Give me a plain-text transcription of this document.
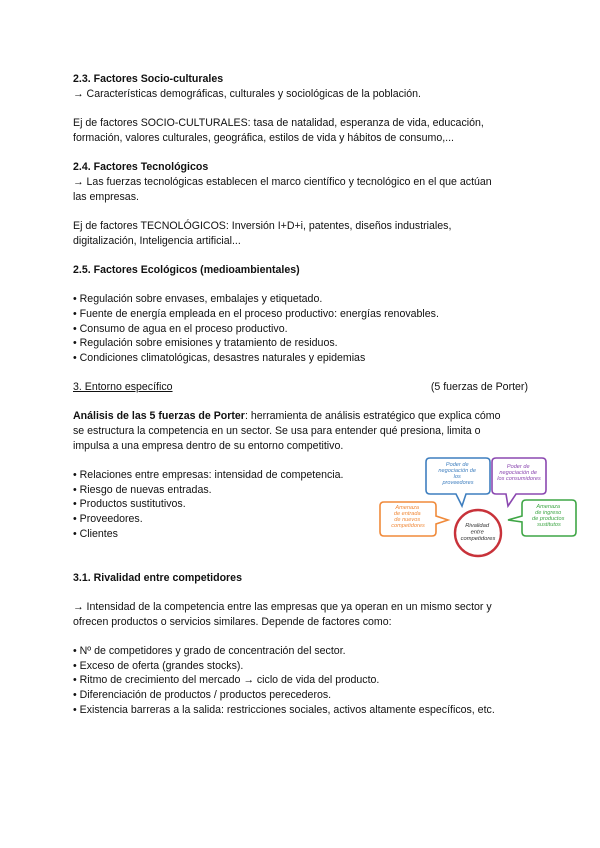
2.3. Factores Socio-culturales

→ Características demográficas, culturales y sociológicas de la población.

Ej de factores SOCIO-CULTURALES: tasa de natalidad, esperanza de vida, educación,

formación, valores culturales, geográfica, estilos de vida y hábitos de consumo,...

2.4. Factores Tecnológicos

→ Las fuerzas tecnológicas establecen el marco científico y tecnológico en el que actúan

las empresas.

Ej de factores TECNOLÓGICOS: Inversión I+D+i, patentes, diseños industriales,

digitalización, Inteligencia artificial...

2.5. Factores Ecológicos (medioambientales)

• Regulación sobre envases, embalajes y etiquetado.

• Fuente de energía empleada en el proceso productivo: energías renovables.

• Consumo de agua en el proceso productivo.

• Regulación sobre emisiones y tratamiento de residuos.

• Condiciones climatológicas, desastres naturales y epidemias

3. Entorno específico	(5 fuerzas de Porter)

Análisis de las 5 fuerzas de Porter: herramienta de análisis estratégico que explica cómo

se estructura la competencia en un sector. Se usa para entender qué presiona, limita o

impulsa a una empresa dentro de su entorno competitivo.

• Relaciones entre empresas: intensidad de competencia.

• Riesgo de nuevas entradas.

• Productos sustitutivos.

• Proveedores.

• Clientes

Poder de negociación de los proveedores
Poder de negociación de los consumidores
Amenaza de entrada de nuevos competidores
Amenaza de ingreso de productos sustitutos
Rivalidad entre competidores

3.1. Rivalidad entre competidores

→ Intensidad de la competencia entre las empresas que ya operan en un mismo sector y

ofrecen productos o servicios similares. Depende de factores como:

• Nº de competidores y grado de concentración del sector.

• Exceso de oferta (grandes stocks).

• Ritmo de crecimiento del mercado → ciclo de vida del producto.

• Diferenciación de productos / productos perecederos.

• Existencia barreras a la salida: restricciones sociales, activos altamente específicos, etc.
